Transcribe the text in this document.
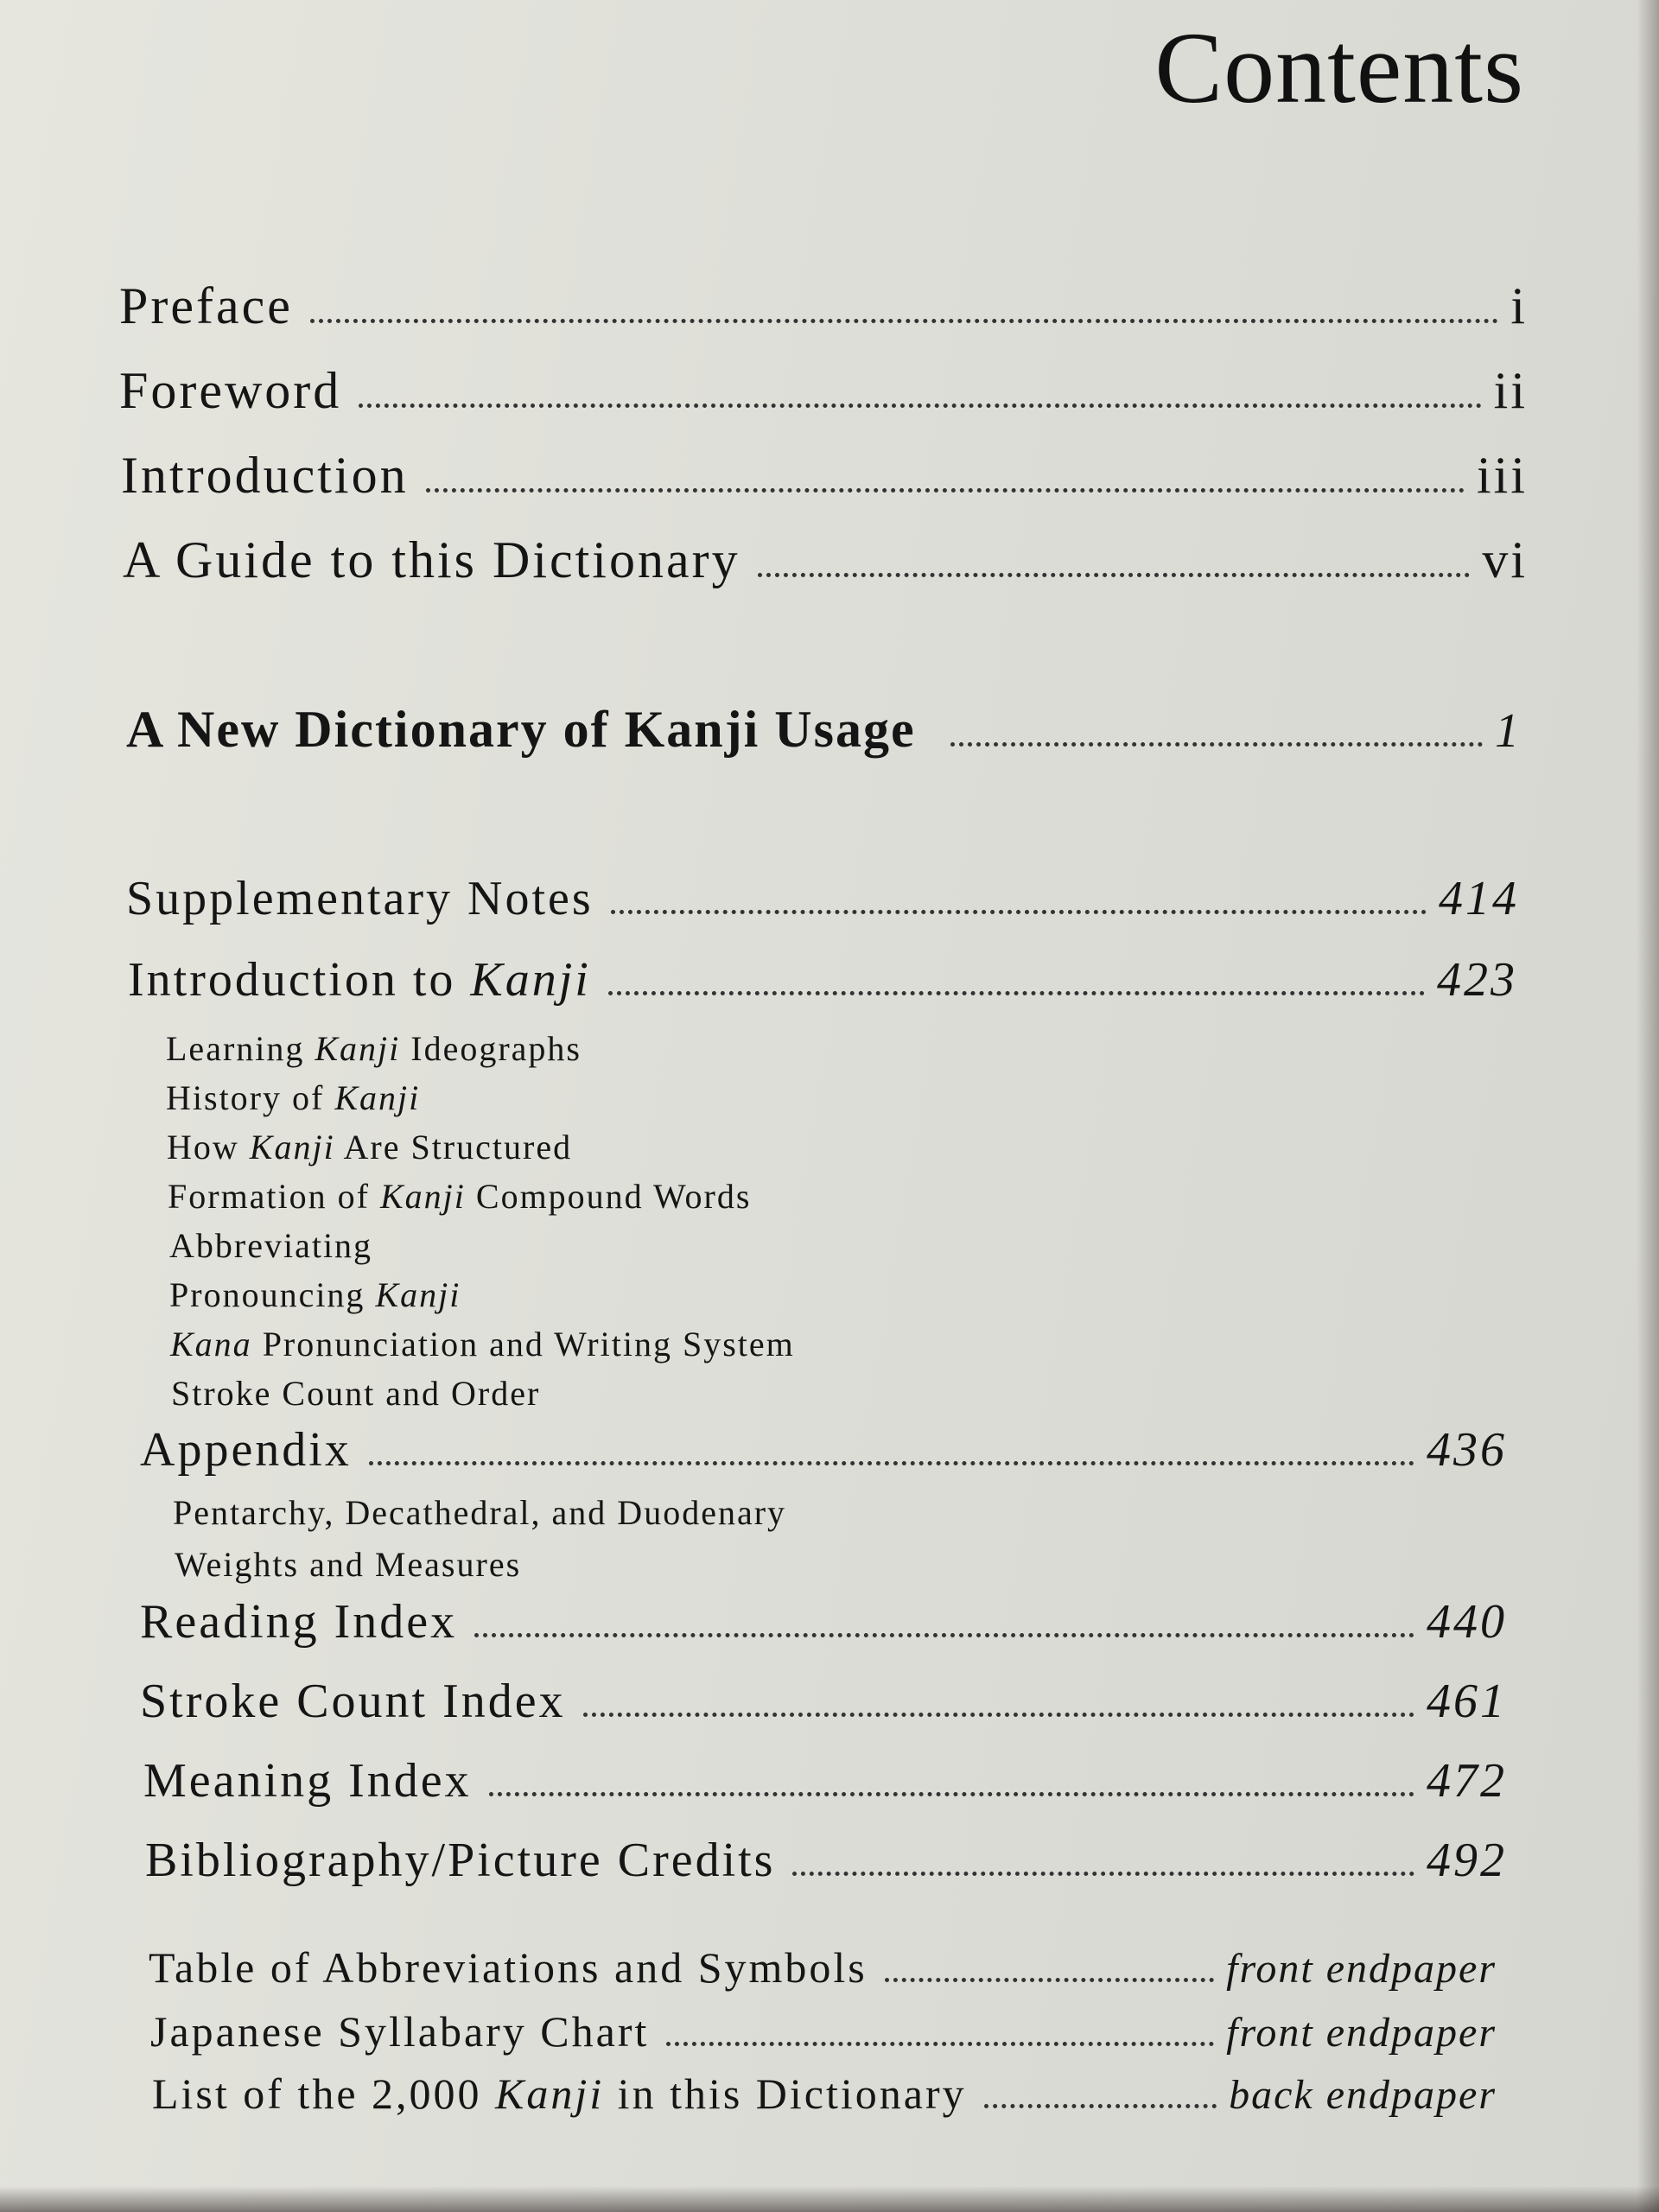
Contents
Preface	i
Foreword	ii
Introduction	iii
A Guide to this Dictionary	vi
A New Dictionary of Kanji Usage	1
Supplementary Notes	414
Introduction to Kanji	423
Learning Kanji Ideographs
History of Kanji
How Kanji Are Structured
Formation of Kanji Compound Words
Abbreviating
Pronouncing Kanji
Kana Pronunciation and Writing System
Stroke Count and Order
Appendix	436
Pentarchy, Decathedral, and Duodenary
Weights and Measures
Reading Index	440
Stroke Count Index	461
Meaning Index	472
Bibliography/Picture Credits	492
Table of Abbreviations and Symbols	front endpaper
Japanese Syllabary Chart	front endpaper
List of the 2,000 Kanji in this Dictionary	back endpaper
